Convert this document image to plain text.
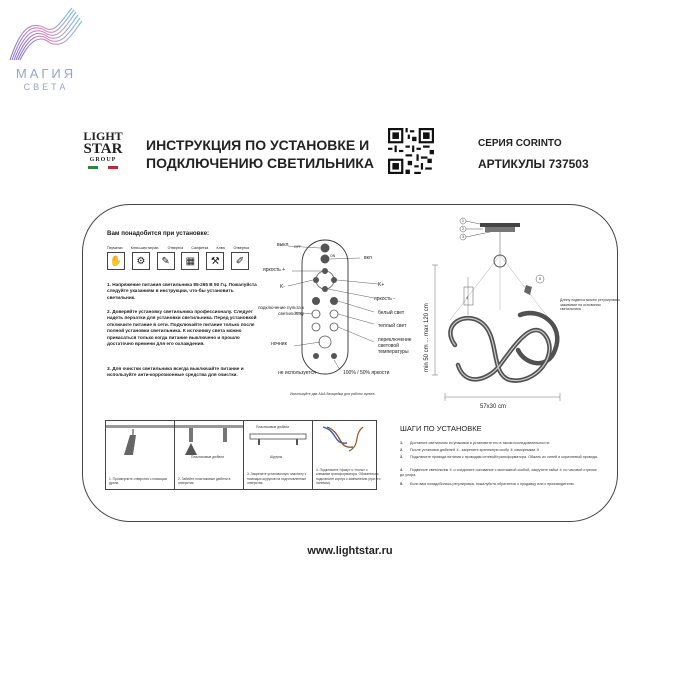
МАГИЯ
СВЕТА
LIGHT
STAR
GROUP
ИНСТРУКЦИЯ ПО УСТАНОВКЕ И
ПОДКЛЮЧЕНИЮ СВЕТИЛЬНИКА
СЕРИЯ CORINTO
АРТИКУЛЫ 737503
Вам понадобится при установке:
Перчатки Ключ-шестигран. Отвертка Салфетка Ключ Отвертка
✋	⚙	✎	▦	⚒	✐
1. Напряжение питания светильника 85-265 В 50 Гц. Пожалуйста следуйте указаниям в инструкции, что-бы установить светильник.
2. Доверяйте установку светильника профессионалу. Следует надеть перчатки для установки светильника. Перед установкой отключите питание в сети. Подключайте питание только после полной установки светильника. К источнику света можно прикасаться только когда питание выключено и прошло достаточно времени для его охлаждения.
3. Для очистки светильника всегда выключайте питание и используйте анти-коррозионные средства для очистки.
OFF
выкл
яркость +
K-
подключение пульта к светильнику
ночник
не используется
вкл
K+
яркость -
белый свет
теплый свет
переключение световой температуры
100% / 50% яркости
ON
Используйте две ААА батарейки для работы пульта
min 50 cm ... max 120 cm
57x30 cm
Длину подвеса можно регулировать зажимами на основании светильника
1
2
3
4
5
1. Просверлите отверстия с помощью дрели.
Пластиковые дюбели
2. Забейте пластиковые дюбели в отверстия.
Пластиковые дюбели
Шурупы
3. Закрепите установочную пластину с помощью шурупов на подготовленные отверстия.
4. Подключите «фазу» и «ноль» к клеммам трансформатора. Обязательно подключите корпус к заземлению (при его наличии).
ШАГИ ПО УСТАНОВКЕ
1. Достаньте светильник из упаковки и установите его в таком последовательности:
2. После установки дюбелей ①, закрепите крепежную скобу ② саморезами ③
3. Подключите провода питания к проводам сетевой/трансформатора. Обжать их синей и коричневый провода.
4. Подвесьте светильник ④ и соедините основание с монтажной скобой, закрутите гайки ⑤ по часовой стрелке до упора.
5. Если вам понадобилась регулировка, пожалуйста обратитесь к продавцу или к производителю.
www.lightstar.ru
